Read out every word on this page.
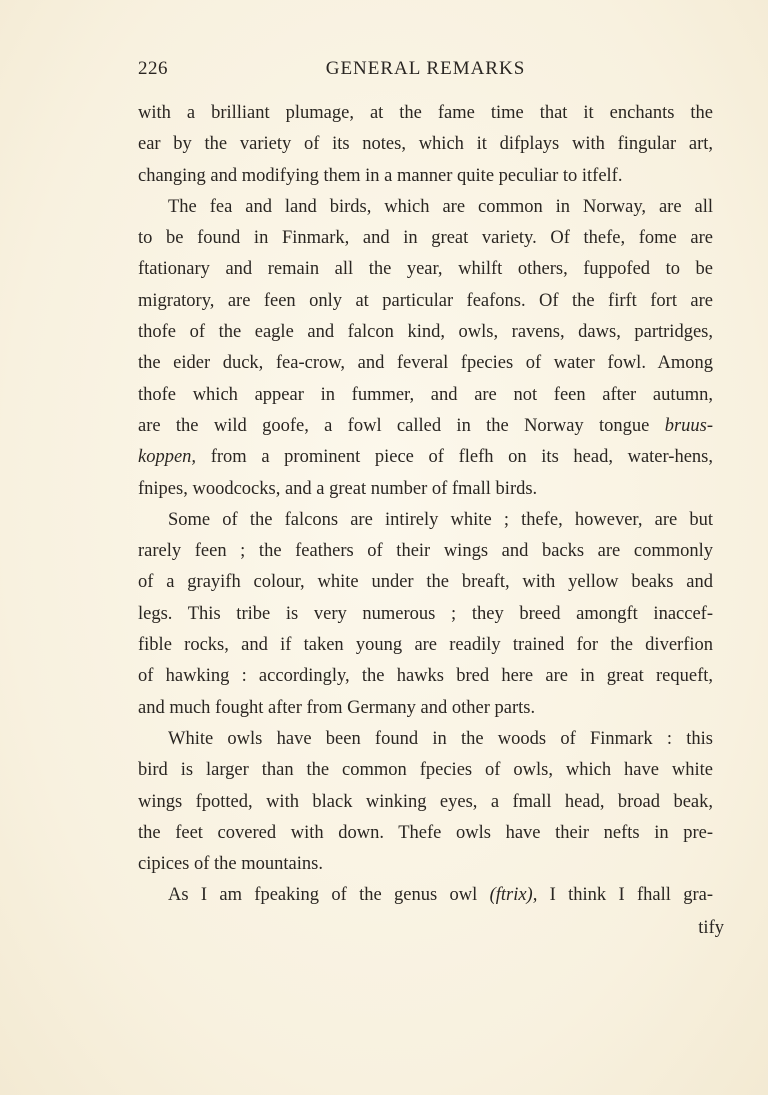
226	GENERAL REMARKS
with a brilliant plumage, at the fame time that it enchants the
ear by the variety of its notes, which it difplays with fingular art,
changing and modifying them in a manner quite peculiar to itfelf.
The fea and land birds, which are common in Norway, are all
to be found in Finmark, and in great variety. Of thefe, fome are
ftationary and remain all the year, whilft others, fuppofed to be
migratory, are feen only at particular feafons. Of the firft fort are
thofe of the eagle and falcon kind, owls, ravens, daws, partridges,
the eider duck, fea-crow, and feveral fpecies of water fowl. Among
thofe which appear in fummer, and are not feen after autumn,
are the wild goofe, a fowl called in the Norway tongue bruus-
koppen, from a prominent piece of flefh on its head, water-hens,
fnipes, woodcocks, and a great number of fmall birds.
Some of the falcons are intirely white ; thefe, however, are but
rarely feen ; the feathers of their wings and backs are commonly
of a grayifh colour, white under the breaft, with yellow beaks and
legs. This tribe is very numerous ; they breed amongft inaccef-
fible rocks, and if taken young are readily trained for the diverfion
of hawking : accordingly, the hawks bred here are in great requeft,
and much fought after from Germany and other parts.
White owls have been found in the woods of Finmark : this
bird is larger than the common fpecies of owls, which have white
wings fpotted, with black winking eyes, a fmall head, broad beak,
the feet covered with down. Thefe owls have their nefts in pre-
cipices of the mountains.
As I am fpeaking of the genus owl (ftrix), I think I fhall gra-
tify
